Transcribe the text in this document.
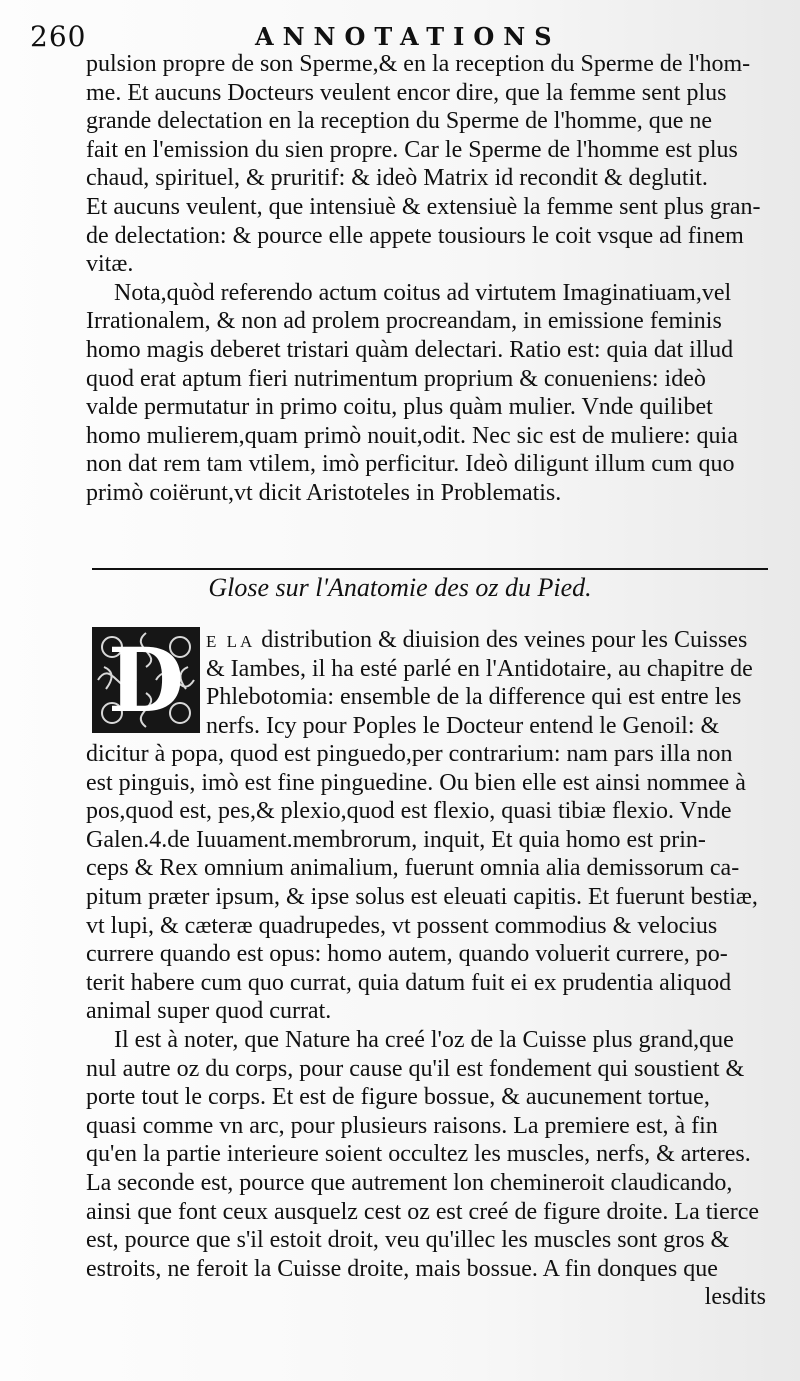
260	ANNOTATIONS
pulsion propre de son Sperme,& en la reception du Sperme de l'hom-
me. Et aucuns Docteurs veulent encor dire, que la femme sent plus
grande delectation en la reception du Sperme de l'homme, que ne
fait en l'emission du sien propre. Car le Sperme de l'homme est plus
chaud, spirituel, & pruritif: & ideò Matrix id recondit & deglutit.
Et aucuns veulent, que intensiuè & extensiuè la femme sent plus gran-
de delectation: & pource elle appete tousiours le coit vsque ad finem
vitæ.
Nota,quòd referendo actum coitus ad virtutem Imaginatiuam,vel
Irrationalem, & non ad prolem procreandam, in emissione feminis
homo magis deberet tristari quàm delectari. Ratio est: quia dat illud
quod erat aptum fieri nutrimentum proprium & conueniens: ideò
valde permutatur in primo coitu, plus quàm mulier. Vnde quilibet
homo mulierem,quam primò nouit,odit. Nec sic est de muliere: quia
non dat rem tam vtilem, imò perficitur. Ideò diligunt illum cum quo
primò coiërunt,vt dicit Aristoteles in Problematis.
Glose sur l'Anatomie des oz du Pied.
D	E LA distribution & diuision des veines pour les Cuisses
& Iambes, il ha esté parlé en l'Antidotaire, au chapitre de
Phlebotomia: ensemble de la difference qui est entre les
nerfs. Icy pour Poples le Docteur entend le Genoil: &
dicitur à popa, quod est pinguedo,per contrarium: nam pars illa non
est pinguis, imò est fine pinguedine. Ou bien elle est ainsi nommee à
pos,quod est, pes,& plexio,quod est flexio, quasi tibiæ flexio. Vnde
Galen.4.de Iuuament.membrorum, inquit, Et quia homo est prin-
ceps & Rex omnium animalium, fuerunt omnia alia demissorum ca-
pitum præter ipsum, & ipse solus est eleuati capitis. Et fuerunt bestiæ,
vt lupi, & cæteræ quadrupedes, vt possent commodius & velocius
currere quando est opus: homo autem, quando voluerit currere, po-
terit habere cum quo currat, quia datum fuit ei ex prudentia aliquod
animal super quod currat.
Il est à noter, que Nature ha creé l'oz de la Cuisse plus grand,que
nul autre oz du corps, pour cause qu'il est fondement qui soustient &
porte tout le corps. Et est de figure bossue, & aucunement tortue,
quasi comme vn arc, pour plusieurs raisons. La premiere est, à fin
qu'en la partie interieure soient occultez les muscles, nerfs, & arteres.
La seconde est, pource que autrement lon chemineroit claudicando,
ainsi que font ceux ausquelz cest oz est creé de figure droite. La tierce
est, pource que s'il estoit droit, veu qu'illec les muscles sont gros &
estroits, ne feroit la Cuisse droite, mais bossue. A fin donques que
lesdits
